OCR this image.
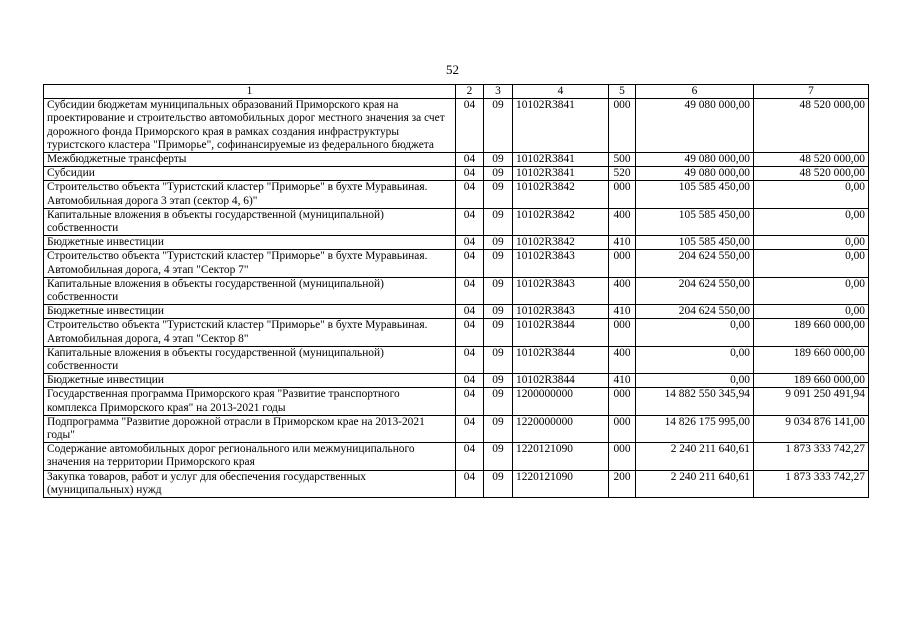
52
1	2	3	4	5	6	7
Субсидии бюджетам муниципальных образований Приморского края на проектирование и строительство автомобильных дорог местного значения за счет дорожного фонда Приморского края в рамках создания инфраструктуры туристского кластера "Приморье", софинансируемые из федерального бюджета	04	09	10102R3841	000	49 080 000,00	48 520 000,00
Межбюджетные трансферты	04	09	10102R3841	500	49 080 000,00	48 520 000,00
Субсидии	04	09	10102R3841	520	49 080 000,00	48 520 000,00
Строительство объекта "Туристский кластер "Приморье" в бухте Муравьиная. Автомобильная дорога 3 этап (сектор 4, 6)"	04	09	10102R3842	000	105 585 450,00	0,00
Капитальные вложения в объекты государственной (муниципальной) собственности	04	09	10102R3842	400	105 585 450,00	0,00
Бюджетные инвестиции	04	09	10102R3842	410	105 585 450,00	0,00
Строительство объекта "Туристский кластер "Приморье" в бухте Муравьиная. Автомобильная дорога, 4 этап "Сектор 7"	04	09	10102R3843	000	204 624 550,00	0,00
Капитальные вложения в объекты государственной (муниципальной) собственности	04	09	10102R3843	400	204 624 550,00	0,00
Бюджетные инвестиции	04	09	10102R3843	410	204 624 550,00	0,00
Строительство объекта "Туристский кластер "Приморье" в бухте Муравьиная. Автомобильная дорога, 4 этап "Сектор 8"	04	09	10102R3844	000	0,00	189 660 000,00
Капитальные вложения в объекты государственной (муниципальной) собственности	04	09	10102R3844	400	0,00	189 660 000,00
Бюджетные инвестиции	04	09	10102R3844	410	0,00	189 660 000,00
Государственная программа Приморского края "Развитие транспортного комплекса Приморского края" на 2013-2021 годы	04	09	1200000000	000	14 882 550 345,94	9 091 250 491,94
Подпрограмма "Развитие дорожной отрасли в Приморском крае на 2013-2021 годы"	04	09	1220000000	000	14 826 175 995,00	9 034 876 141,00
Содержание автомобильных дорог регионального или межмуниципального значения на территории Приморского края	04	09	1220121090	000	2 240 211 640,61	1 873 333 742,27
Закупка товаров, работ и услуг для обеспечения государственных (муниципальных) нужд	04	09	1220121090	200	2 240 211 640,61	1 873 333 742,27
